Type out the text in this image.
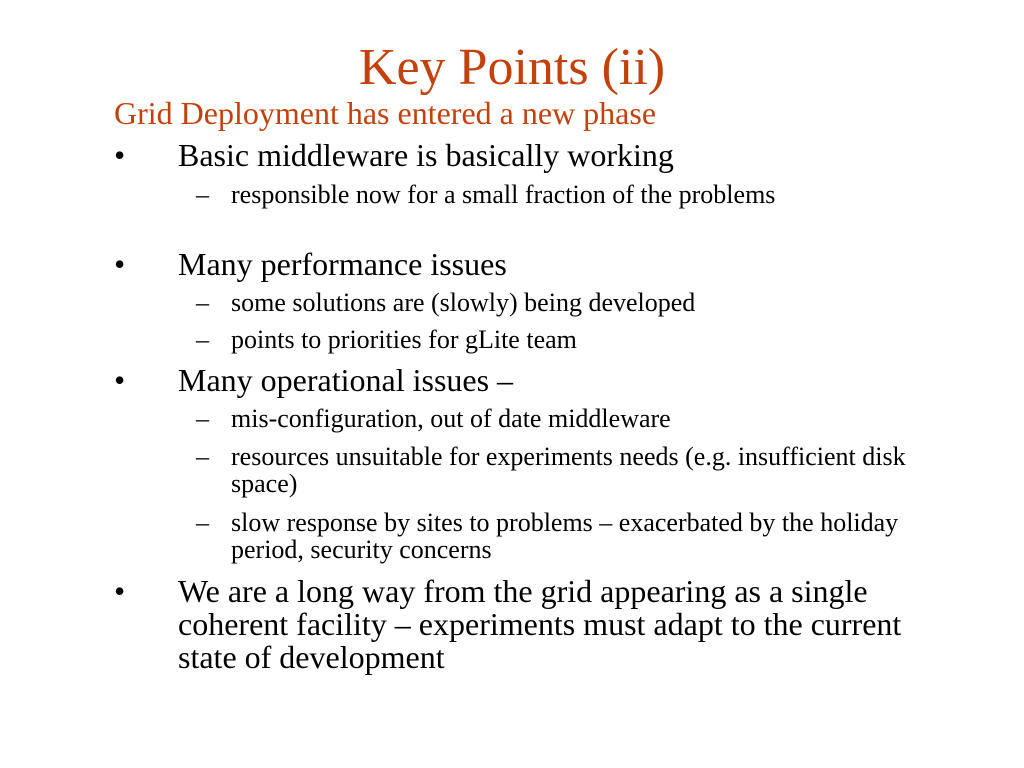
Key Points (ii)
Grid Deployment has entered a new phase
• Basic middleware is basically working
– responsible now for a small fraction of the problems
• Many performance issues
– some solutions are (slowly) being developed
– points to priorities for gLite team
• Many operational issues –
– mis-configuration, out of date middleware
– resources unsuitable for experiments needs (e.g. insufficient disk space)
– slow response by sites to problems – exacerbated by the holiday period, security concerns
• We are a long way from the grid appearing as a single coherent facility – experiments must adapt to the current state of development
